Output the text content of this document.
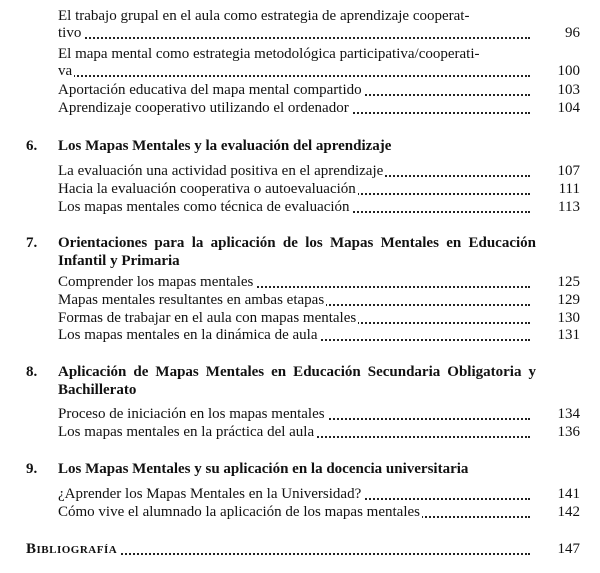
El trabajo grupal en el aula como estrategia de aprendizaje cooperat-
tivo	96
El mapa mental como estrategia metodológica participativa/cooperati-
va	100
Aportación educativa del mapa mental compartido	103
Aprendizaje cooperativo utilizando el ordenador	104
6. Los Mapas Mentales y la evaluación del aprendizaje
La evaluación una actividad positiva en el aprendizaje	107
Hacia la evaluación cooperativa o autoevaluación	111
Los mapas mentales como técnica de evaluación	113
7. Orientaciones para la aplicación de los Mapas Mentales en Educación Infantil y Primaria
Comprender los mapas mentales	125
Mapas mentales resultantes en ambas etapas	129
Formas de trabajar en el aula con mapas mentales	130
Los mapas mentales en la dinámica de aula	131
8. Aplicación de Mapas Mentales en Educación Secundaria Obligatoria y Bachillerato
Proceso de iniciación en los mapas mentales	134
Los mapas mentales en la práctica del aula	136
9. Los Mapas Mentales y su aplicación en la docencia universitaria
¿Aprender los Mapas Mentales en la Universidad?	141
Cómo vive el alumnado la aplicación de los mapas mentales	142
Bibliografía	147
